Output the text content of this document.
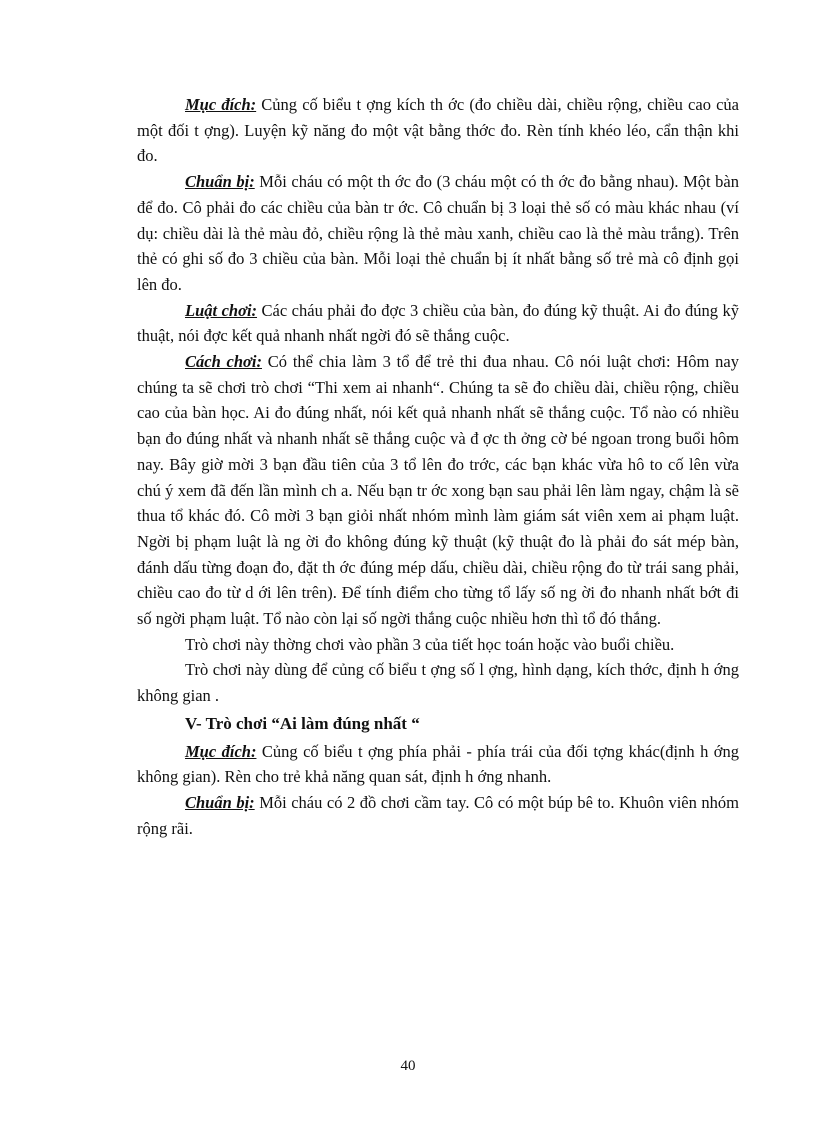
Mục đích: Củng cố biểu t ợng kích th ớc (đo chiều dài, chiều rộng, chiều cao của một đối t ợng). Luyện kỹ năng đo một vật bằng thớc đo. Rèn tính khéo léo, cẩn thận khi đo.

Chuẩn bị: Mỗi cháu có một th ớc đo (3 cháu một có th ớc đo bằng nhau). Một bàn để đo. Cô phải đo các chiều của bàn tr ớc. Cô chuẩn bị 3 loại thẻ số có màu khác nhau (ví dụ: chiều dài là thẻ màu đỏ, chiều rộng là thẻ màu xanh, chiều cao là thẻ màu trắng). Trên thẻ có ghi số đo 3 chiều của bàn. Mỗi loại thẻ chuẩn bị ít nhất bằng số trẻ mà cô định gọi lên đo.

Luật chơi: Các cháu phải đo đợc 3 chiều của bàn, đo đúng kỹ thuật. Ai đo đúng kỹ thuật, nói đợc kết quả nhanh nhất ngời đó sẽ thắng cuộc.

Cách chơi: Có thể chia làm 3 tổ để trẻ thi đua nhau. Cô nói luật chơi: Hôm nay chúng ta sẽ chơi trò chơi “Thi xem ai nhanh“. Chúng ta sẽ đo chiều dài, chiều rộng, chiều cao của bàn học. Ai đo đúng nhất, nói kết quả nhanh nhất sẽ thắng cuộc. Tổ nào có nhiều bạn đo đúng nhất và nhanh nhất sẽ thắng cuộc và đ ợc th ởng cờ bé ngoan trong buổi hôm nay. Bây giờ mời 3 bạn đầu tiên của 3 tổ lên đo trớc, các bạn khác vừa hô to cố lên vừa chú ý xem đã đến lần mình ch a. Nếu bạn tr ớc xong bạn sau phải lên làm ngay, chậm là sẽ thua tổ khác đó. Cô mời 3 bạn giỏi nhất nhóm mình làm giám sát viên xem ai phạm luật. Ngời bị phạm luật là ng ời đo không đúng kỹ thuật (kỹ thuật đo là phải đo sát mép bàn, đánh dấu từng đoạn đo, đặt th ớc đúng mép dấu, chiều dài, chiều rộng đo từ trái sang phải, chiều cao đo từ d ới lên trên). Để tính điểm cho từng tổ lấy số ng ời đo nhanh nhất bớt đi số ngời phạm luật. Tổ nào còn lại số ngời thắng cuộc nhiều hơn thì tổ đó thắng.

Trò chơi này thờng chơi vào phần 3 của tiết học toán hoặc vào buổi chiều.

Trò chơi này dùng để củng cố biểu t ợng số l ợng, hình dạng, kích thớc, định h ớng không gian .

V- Trò chơi “Ai làm đúng nhất “

Mục đích: Củng cố biểu t ợng phía phải - phía trái của đối tợng khác(định h ớng không gian). Rèn cho trẻ khả năng quan sát, định h ớng nhanh.

Chuẩn bị: Mỗi cháu có 2 đồ chơi cầm tay. Cô có một búp bê to. Khuôn viên nhóm rộng rãi.

40
